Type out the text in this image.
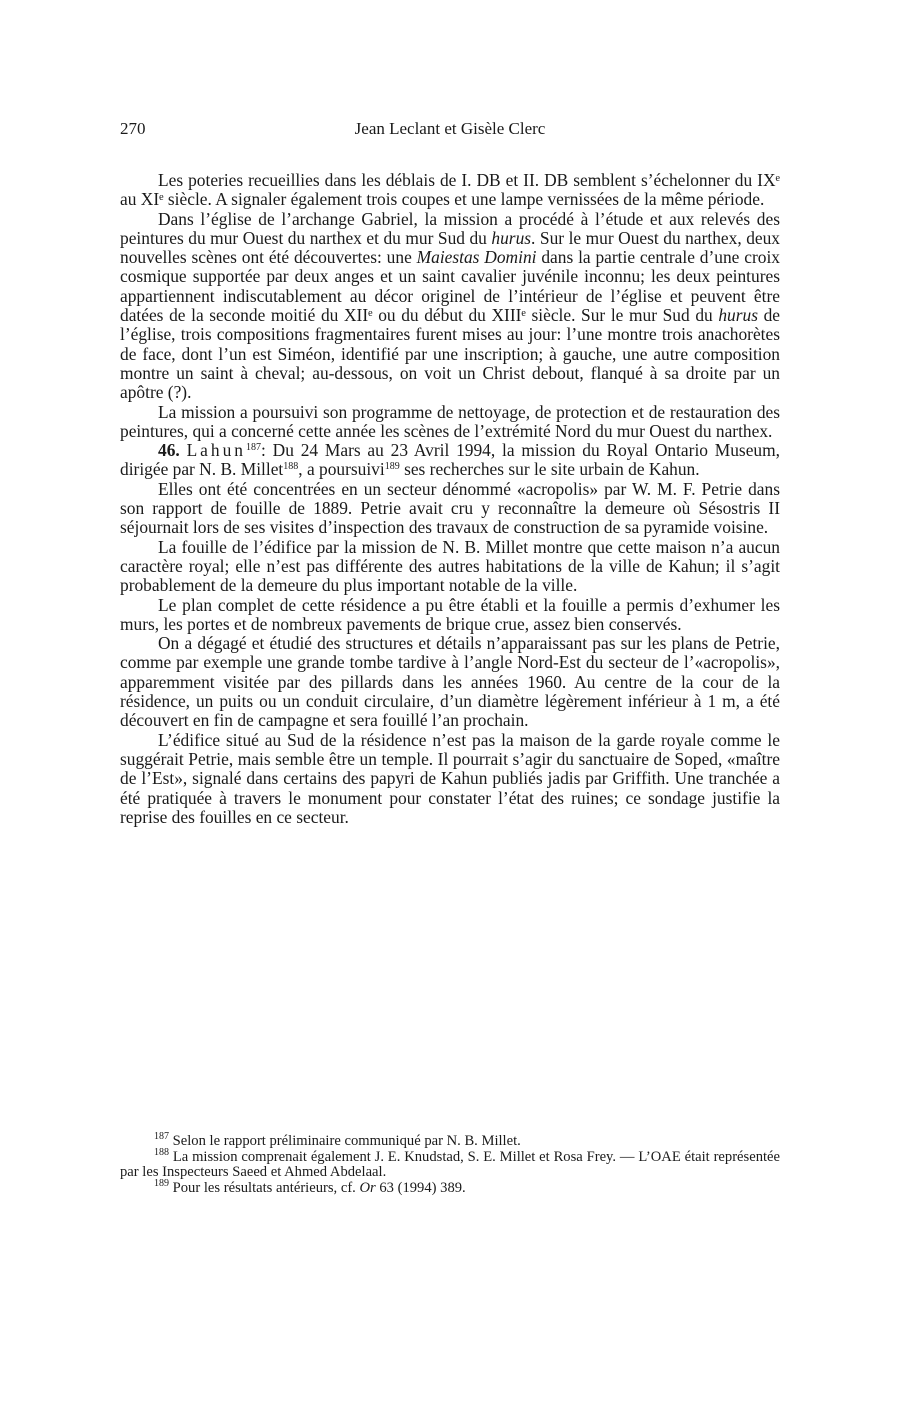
270	Jean Leclant et Gisèle Clerc

Les poteries recueillies dans les déblais de I. DB et II. DB semblent s’échelonner du IXᵉ au XIᵉ siècle. A signaler également trois coupes et une lampe vernissées de la même période.

Dans l’église de l’archange Gabriel, la mission a procédé à l’étude et aux relevés des peintures du mur Ouest du narthex et du mur Sud du hurus. Sur le mur Ouest du narthex, deux nouvelles scènes ont été découvertes: une Maiestas Domini dans la partie centrale d’une croix cosmique supportée par deux anges et un saint cavalier juvénile inconnu; les deux peintures appartiennent indiscutablement au décor originel de l’intérieur de l’église et peuvent être datées de la seconde moitié du XIIᵉ ou du début du XIIIᵉ siècle. Sur le mur Sud du hurus de l’église, trois compositions fragmentaires furent mises au jour: l’une montre trois anachorètes de face, dont l’un est Siméon, identifié par une inscription; à gauche, une autre composition montre un saint à cheval; au-dessous, on voit un Christ debout, flanqué à sa droite par un apôtre (?).

La mission a poursuivi son programme de nettoyage, de protection et de restauration des peintures, qui a concerné cette année les scènes de l’extrémité Nord du mur Ouest du narthex.

46. Lahun$^{187}$: Du 24 Mars au 23 Avril 1994, la mission du Royal Ontario Museum, dirigée par N. B. Millet$^{188}$, a poursuivi$^{189}$ ses recherches sur le site urbain de Kahun.

Elles ont été concentrées en un secteur dénommé «acropolis» par W. M. F. Petrie dans son rapport de fouille de 1889. Petrie avait cru y reconnaître la demeure où Sésostris II séjournait lors de ses visites d’inspection des travaux de construction de sa pyramide voisine.

La fouille de l’édifice par la mission de N. B. Millet montre que cette maison n’a aucun caractère royal; elle n’est pas différente des autres habitations de la ville de Kahun; il s’agit probablement de la demeure du plus important notable de la ville.

Le plan complet de cette résidence a pu être établi et la fouille a permis d’exhumer les murs, les portes et de nombreux pavements de brique crue, assez bien conservés.

On a dégagé et étudié des structures et détails n’apparaissant pas sur les plans de Petrie, comme par exemple une grande tombe tardive à l’angle Nord-Est du secteur de l’«acropolis», apparemment visitée par des pillards dans les années 1960. Au centre de la cour de la résidence, un puits ou un conduit circulaire, d’un diamètre légèrement inférieur à 1 m, a été découvert en fin de campagne et sera fouillé l’an prochain.

L’édifice situé au Sud de la résidence n’est pas la maison de la garde royale comme le suggérait Petrie, mais semble être un temple. Il pourrait s’agir du sanctuaire de Soped, «maître de l’Est», signalé dans certains des papyri de Kahun publiés jadis par Griffith. Une tranchée a été pratiquée à travers le monument pour constater l’état des ruines; ce sondage justifie la reprise des fouilles en ce secteur.

$^{187}$ Selon le rapport préliminaire communiqué par N. B. Millet.

$^{188}$ La mission comprenait également J. E. Knudstad, S. E. Millet et Rosa Frey. — L’OAE était représentée par les Inspecteurs Saeed et Ahmed Abdelaal.

$^{189}$ Pour les résultats antérieurs, cf. Or 63 (1994) 389.
